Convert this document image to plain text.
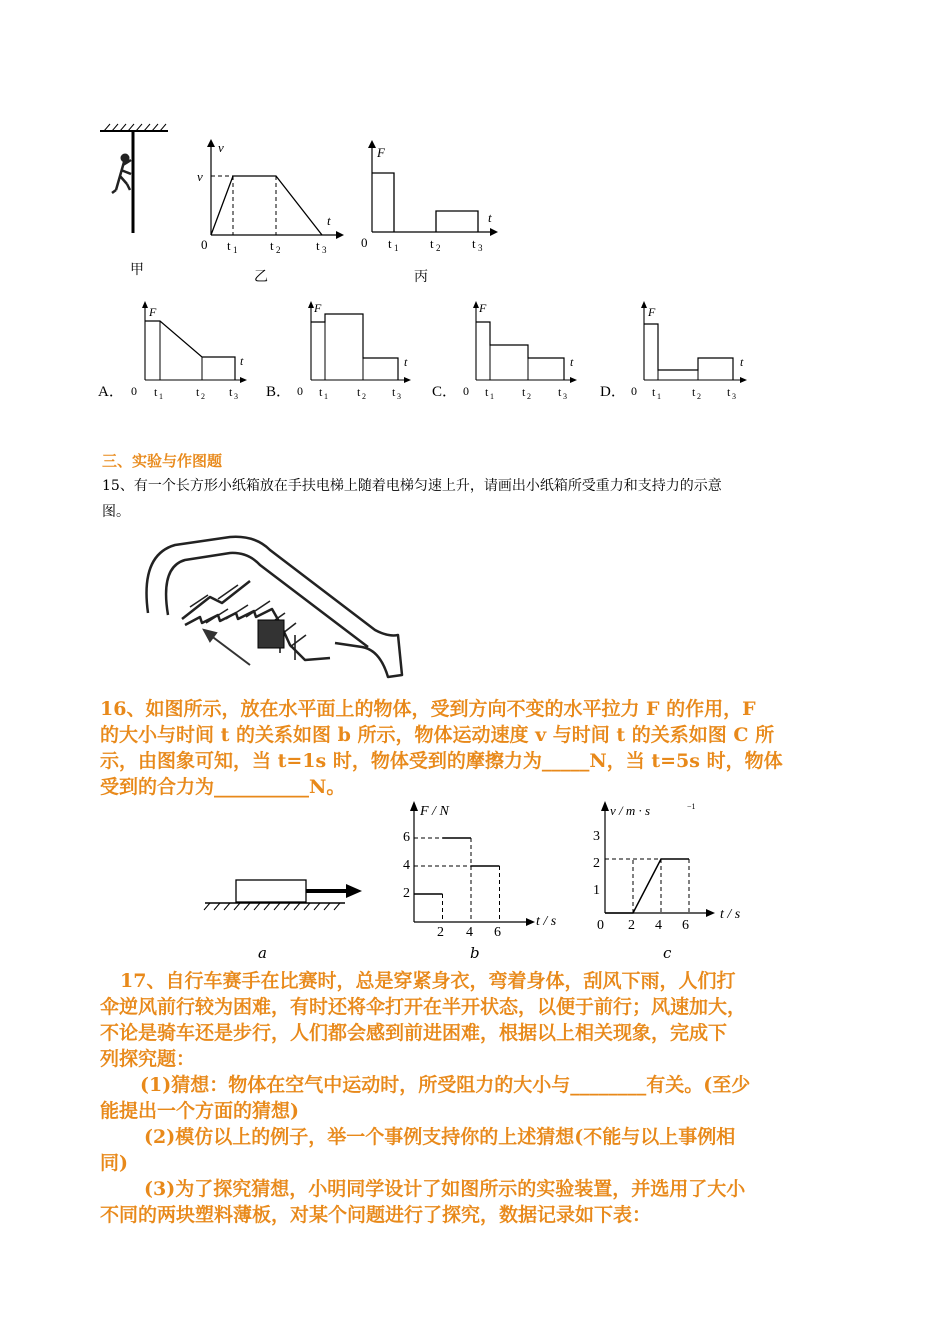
甲
v
v
t
0 t 1	t 2	t 3
乙
F
t
0 t 1 t 2 t 3
丙
F
t
A． 0 t 1	t 2 t 3
F
t
B． 0 t 1 t 2 t 3
F
t
C． 0 t 1 t 2 t 3
F
t
D． 0 t 1	t 2 t 3
三、实验与作图题
15、有一个长方形小纸箱放在手扶电梯上随着电梯匀速上升，请画出小纸箱所受重力和支持力的示意
图。
16、如图所示，放在水平面上的物体，受到方向不变的水平拉力 F 的作用，F
的大小与时间 t 的关系如图 b 所示，物体运动速度 v 与时间 t 的关系如图 C 所
示，由图象可知，当 t=1s 时，物体受到的摩擦力为_____N，当 t=5s 时，物体
受到的合力为__________N。
a
F / N
t / s
2 4 6
2
4
6
b
v / m · s	−1
t / s
0 2 4 6
1
2
3
c
17、自行车赛手在比赛时，总是穿紧身衣，弯着身体，刮风下雨，人们打
伞逆风前行较为困难，有时还将伞打开在半开状态，以便于前行；风速加大，
不论是骑车还是步行，人们都会感到前进困难，根据以上相关现象，完成下
列探究题：
(1)猜想：物体在空气中运动时，所受阻力的大小与________有关。(至少
能提出一个方面的猜想)
(2)模仿以上的例子，举一个事例支持你的上述猜想(不能与以上事例相
同)
(3)为了探究猜想，小明同学设计了如图所示的实验装置，并选用了大小
不同的两块塑料薄板，对某个问题进行了探究，数据记录如下表：
